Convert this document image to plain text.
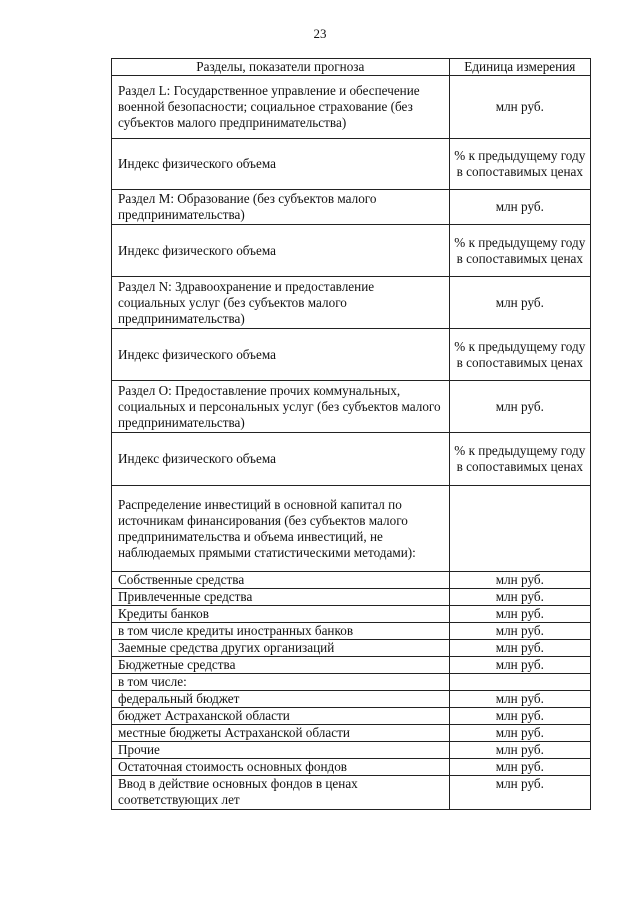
23
Разделы, показатели прогноза	Единица измерения
Раздел L: Государственное управление и обеспечение военной безопасности; социальное страхование (без субъектов малого предпринимательства)	млн руб.
Индекс физического объема	% к предыдущему году в сопоставимых ценах
Раздел М: Образование (без субъектов малого предпринимательства)	млн руб.
Индекс физического объема	% к предыдущему году в сопоставимых ценах
Раздел N: Здравоохранение и предоставление социальных услуг (без субъектов малого предпринимательства)	млн руб.
Индекс физического объема	% к предыдущему году в сопоставимых ценах
Раздел О: Предоставление прочих коммунальных, социальных и персональных услуг (без субъектов малого предпринимательства)	млн руб.
Индекс физического объема	% к предыдущему году в сопоставимых ценах
Распределение инвестиций в основной капитал по источникам финансирования (без субъектов малого предпринимательства и объема инвестиций, не наблюдаемых прямыми статистическими методами):	
Собственные средства	млн руб.
Привлеченные средства	млн руб.
Кредиты банков	млн руб.
в том числе кредиты иностранных банков	млн руб.
Заемные средства других организаций	млн руб.
Бюджетные средства	млн руб.
в том числе:	
федеральный бюджет	млн руб.
бюджет Астраханской области	млн руб.
местные бюджеты Астраханской области	млн руб.
Прочие	млн руб.
Остаточная стоимость основных фондов	млн руб.
Ввод в действие основных фондов в ценах соответствующих лет	млн руб.
